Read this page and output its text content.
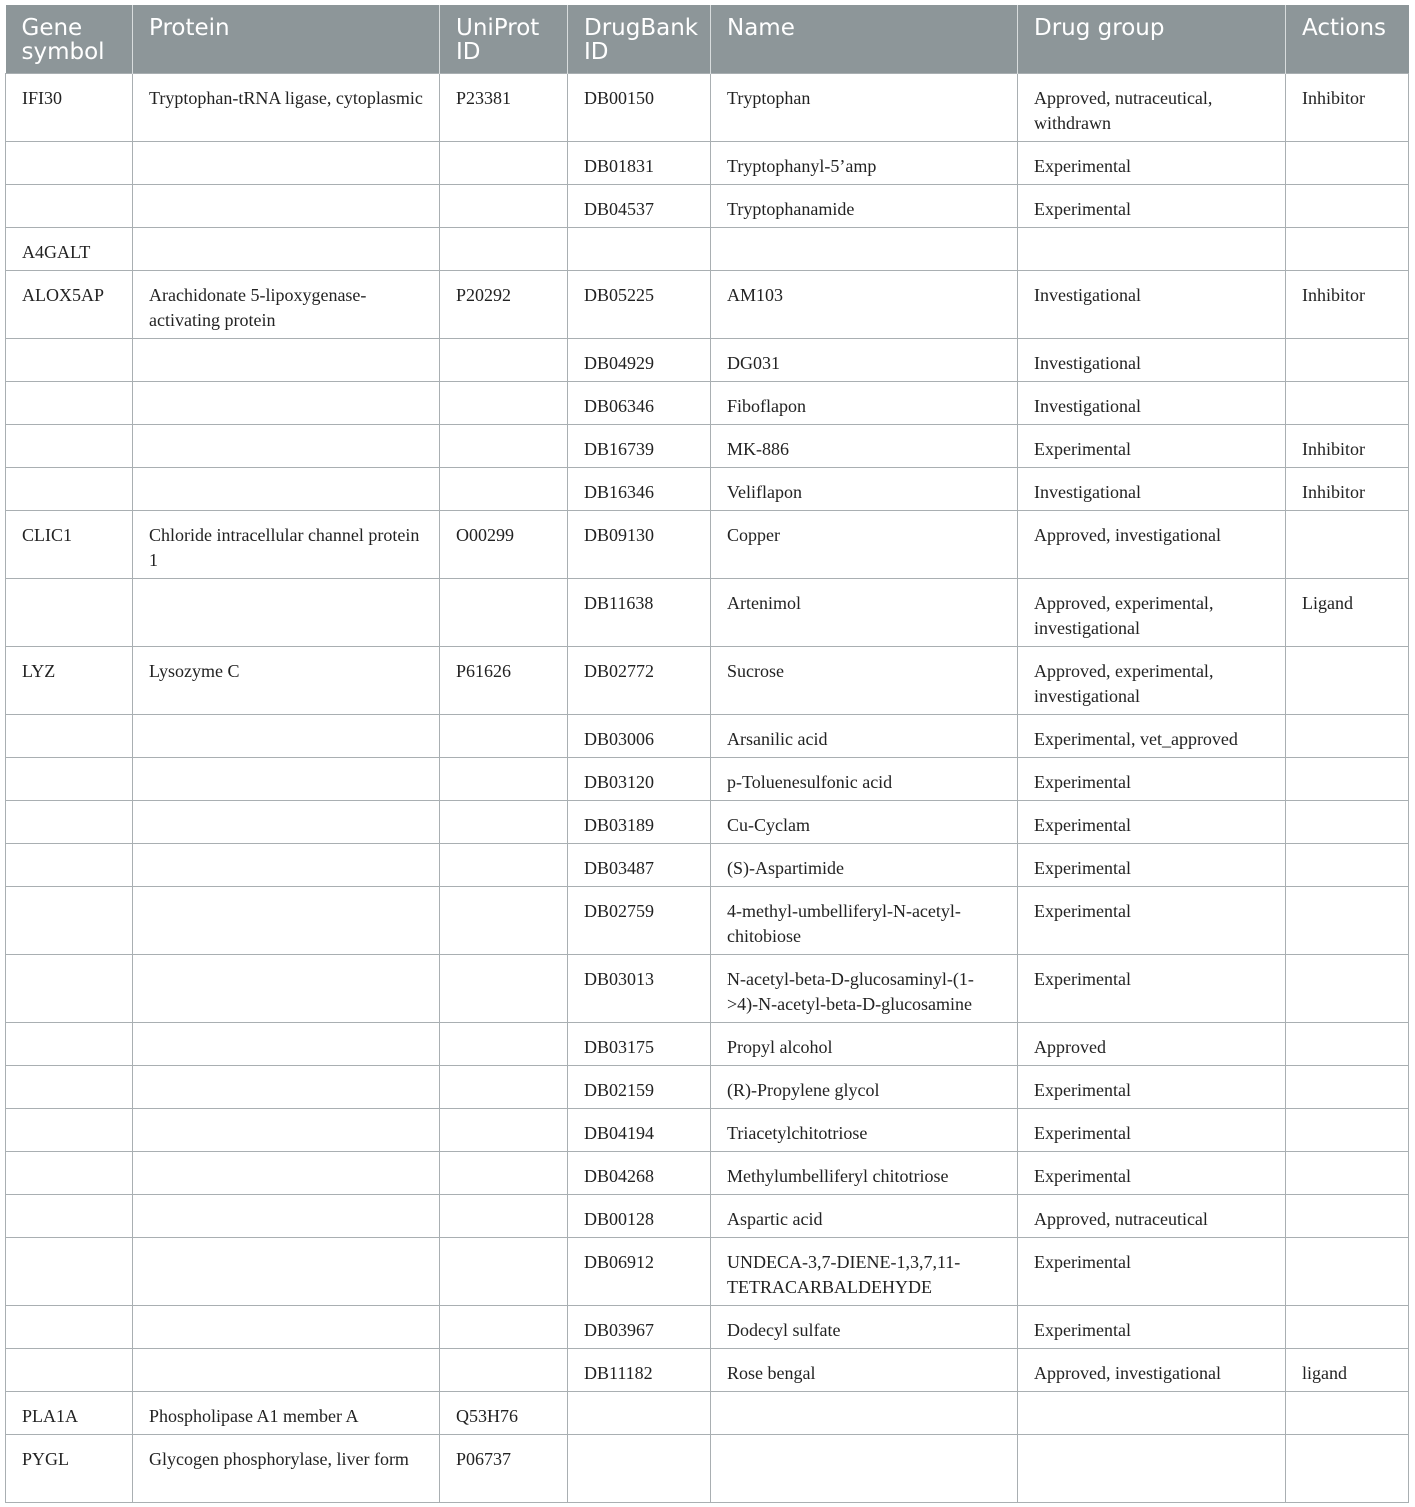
Gene symbol	Protein	UniProt ID	DrugBank ID	Name	Drug group	Actions
IFI30	Tryptophan-tRNA ligase, cytoplasmic	P23381	DB00150	Tryptophan	Approved, nutraceutical, withdrawn	Inhibitor
			DB01831	Tryptophanyl-5’amp	Experimental	
			DB04537	Tryptophanamide	Experimental	
A4GALT						
ALOX5AP	Arachidonate 5-lipoxygenase-activating protein	P20292	DB05225	AM103	Investigational	Inhibitor
			DB04929	DG031	Investigational	
			DB06346	Fiboflapon	Investigational	
			DB16739	MK-886	Experimental	Inhibitor
			DB16346	Veliflapon	Investigational	Inhibitor
CLIC1	Chloride intracellular channel protein 1	O00299	DB09130	Copper	Approved, investigational	
			DB11638	Artenimol	Approved, experimental, investigational	Ligand
LYZ	Lysozyme C	P61626	DB02772	Sucrose	Approved, experimental, investigational	
			DB03006	Arsanilic acid	Experimental, vet_approved	
			DB03120	p-Toluenesulfonic acid	Experimental	
			DB03189	Cu-Cyclam	Experimental	
			DB03487	(S)-Aspartimide	Experimental	
			DB02759	4-methyl-umbelliferyl-N-acetyl-chitobiose	Experimental	
			DB03013	N-acetyl-beta-D-glucosaminyl-(1->4)-N-acetyl-beta-D-glucosamine	Experimental	
			DB03175	Propyl alcohol	Approved	
			DB02159	(R)-Propylene glycol	Experimental	
			DB04194	Triacetylchitotriose	Experimental	
			DB04268	Methylumbelliferyl chitotriose	Experimental	
			DB00128	Aspartic acid	Approved, nutraceutical	
			DB06912	UNDECA-3,7-DIENE-1,3,7,11-TETRACARBALDEHYDE	Experimental	
			DB03967	Dodecyl sulfate	Experimental	
			DB11182	Rose bengal	Approved, investigational	ligand
PLA1A	Phospholipase A1 member A	Q53H76				
PYGL	Glycogen phosphorylase, liver form	P06737				
